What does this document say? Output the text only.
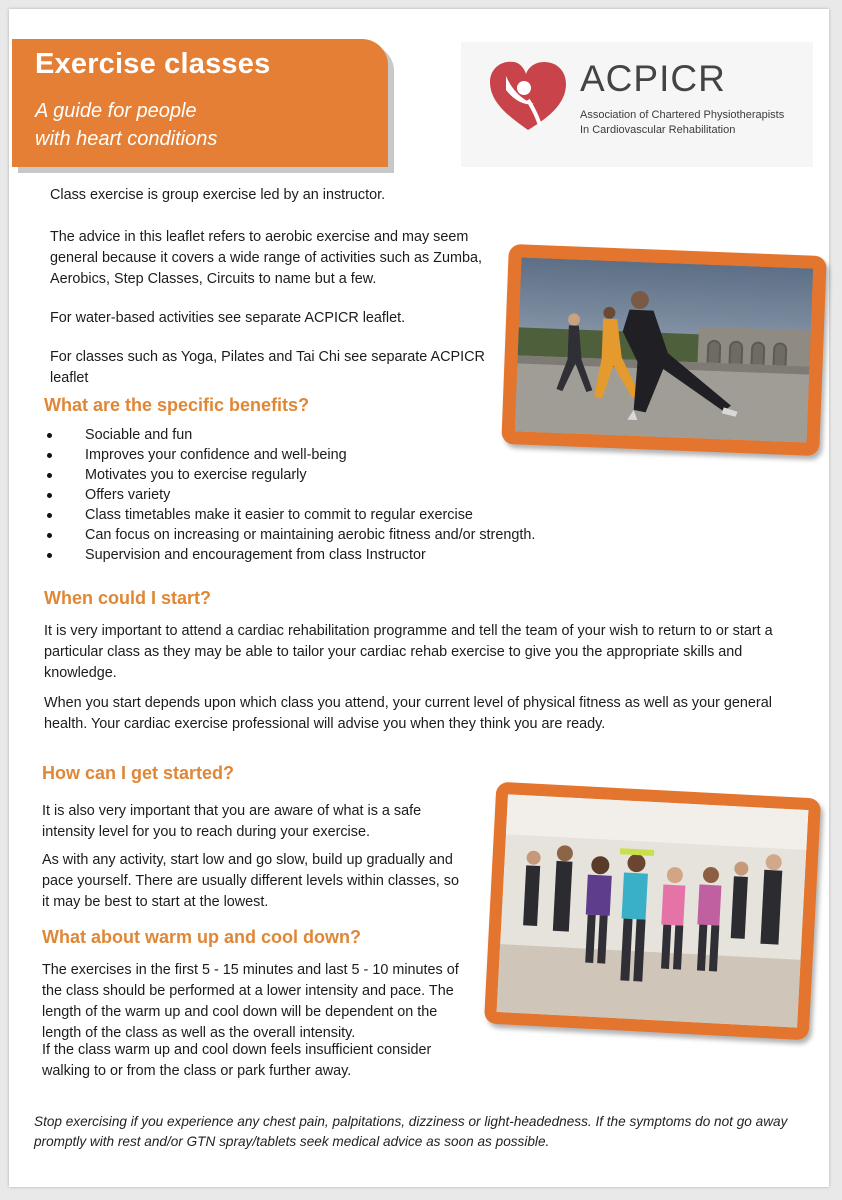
Exercise classes

A guide for people
with heart conditions

ACPICR

Association of Chartered Physiotherapists

In Cardiovascular Rehabilitation

Class exercise is group exercise led by an instructor.

The advice in this leaflet refers to aerobic exercise and may seem general because it covers a wide range of activities such as Zumba, Aerobics, Step Classes, Circuits to name but a few.

For water-based activities see separate ACPICR leaflet.

For classes such as Yoga, Pilates and Tai Chi see separate ACPICR leaflet

What are the specific benefits?
Sociable and fun
Improves your confidence and well-being
Motivates you to exercise regularly
Offers variety
Class timetables make it easier to commit to regular exercise
Can focus on increasing or maintaining aerobic fitness and/or strength.
Supervision and encouragement from class Instructor
When could I start?

It is very important to attend a cardiac rehabilitation programme and tell the team of your wish to return to or start a particular class as they may be able to tailor your cardiac rehab exercise to give you the appropriate skills and knowledge.

When you start depends upon which class you attend, your current level of physical fitness as well as your general health. Your cardiac exercise professional will advise you when they think you are ready.

How can I get started?

It is also very important that you are aware of what is a safe intensity level for you to reach during your exercise.

As with any activity, start low and go slow, build up gradually and pace yourself. There are usually different levels within classes, so it may be best to start at the lowest.

What about warm up and cool down?

The exercises in the first 5 - 15 minutes and last 5 - 10 minutes of the class should be performed at a lower intensity and pace. The length of the warm up and cool down will be dependent on the length of the class as well as the overall intensity.

If the class warm up and cool down feels insufficient consider walking to or from the class or park further away.

Stop exercising if you experience any chest pain, palpitations, dizziness or light-headedness. If the symptoms do not go away promptly with rest and/or GTN spray/tablets seek medical advice as soon as possible.
